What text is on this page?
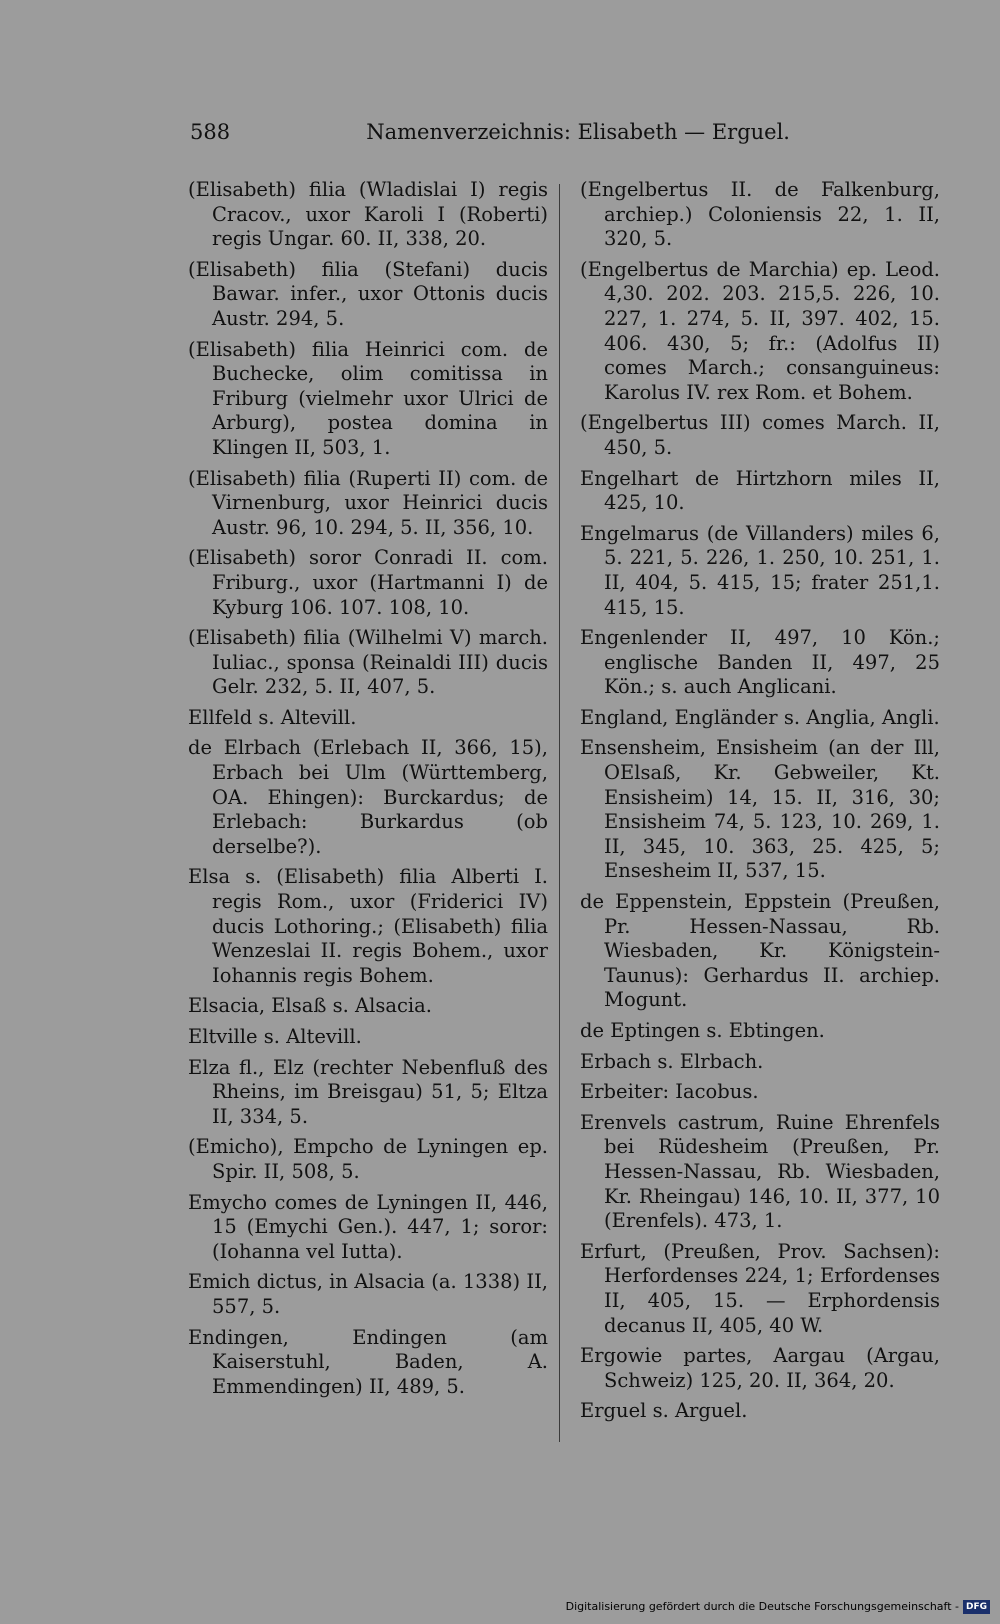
588	Namenverzeichnis: Elisabeth — Erguel.

(Elisabeth) filia (Wladislai I) regis Cracov., uxor Karoli I (Roberti) regis Ungar. 60. II, 338, 20.

(Elisabeth) filia (Stefani) ducis Bawar. infer., uxor Ottonis ducis Austr. 294, 5.

(Elisabeth) filia Heinrici com. de Buchecke, olim comitissa in Friburg (vielmehr uxor Ulrici de Arburg), postea domina in Klingen II, 503, 1.

(Elisabeth) filia (Ruperti II) com. de Virnenburg, uxor Heinrici ducis Austr. 96, 10. 294, 5. II, 356, 10.

(Elisabeth) soror Conradi II. com. Friburg., uxor (Hartmanni I) de Kyburg 106. 107. 108, 10.

(Elisabeth) filia (Wilhelmi V) march. Iuliac., sponsa (Reinaldi III) ducis Gelr. 232, 5. II, 407, 5.

Ellfeld s. Altevill.

de Elrbach (Erlebach II, 366, 15), Erbach bei Ulm (Württemberg, OA. Ehingen): Burckardus; de Erlebach: Burkardus (ob derselbe?).

Elsa s. (Elisabeth) filia Alberti I. regis Rom., uxor (Friderici IV) ducis Lothoring.; (Elisabeth) filia Wenzeslai II. regis Bohem., uxor Iohannis regis Bohem.

Elsacia, Elsaß s. Alsacia.

Eltville s. Altevill.

Elza fl., Elz (rechter Nebenfluß des Rheins, im Breisgau) 51, 5; Eltza II, 334, 5.

(Emicho), Empcho de Lyningen ep. Spir. II, 508, 5.

Emycho comes de Lyningen II, 446, 15 (Emychi Gen.). 447, 1; soror: (Iohanna vel Iutta).

Emich dictus, in Alsacia (a. 1338) II, 557, 5.

Endingen, Endingen (am Kaiserstuhl, Baden, A. Emmendingen) II, 489, 5.

(Engelbertus II. de Falkenburg, archiep.) Coloniensis 22, 1. II, 320, 5.

(Engelbertus de Marchia) ep. Leod. 4,30. 202. 203. 215,5. 226, 10. 227, 1. 274, 5. II, 397. 402, 15. 406. 430, 5; fr.: (Adolfus II) comes March.; consanguineus: Karolus IV. rex Rom. et Bohem.

(Engelbertus III) comes March. II, 450, 5.

Engelhart de Hirtzhorn miles II, 425, 10.

Engelmarus (de Villanders) miles 6, 5. 221, 5. 226, 1. 250, 10. 251, 1. II, 404, 5. 415, 15; frater 251,1. 415, 15.

Engenlender II, 497, 10 Kön.; englische Banden II, 497, 25 Kön.; s. auch Anglicani.

England, Engländer s. Anglia, Angli.

Ensensheim, Ensisheim (an der Ill, OElsaß, Kr. Gebweiler, Kt. Ensisheim) 14, 15. II, 316, 30; Ensisheim 74, 5. 123, 10. 269, 1. II, 345, 10. 363, 25. 425, 5; Ensesheim II, 537, 15.

de Eppenstein, Eppstein (Preußen, Pr. Hessen-Nassau, Rb. Wiesbaden, Kr. Königstein-Taunus): Gerhardus II. archiep. Mogunt.

de Eptingen s. Ebtingen.

Erbach s. Elrbach.

Erbeiter: Iacobus.

Erenvels castrum, Ruine Ehrenfels bei Rüdesheim (Preußen, Pr. Hessen-Nassau, Rb. Wiesbaden, Kr. Rheingau) 146, 10. II, 377, 10 (Erenfels). 473, 1.

Erfurt, (Preußen, Prov. Sachsen): Herfordenses 224, 1; Erfordenses II, 405, 15. — Erphordensis decanus II, 405, 40 W.

Ergowie partes, Aargau (Argau, Schweiz) 125, 20. II, 364, 20.

Erguel s. Arguel.

Digitalisierung gefördert durch die Deutsche Forschungsgemeinschaft - DFG
